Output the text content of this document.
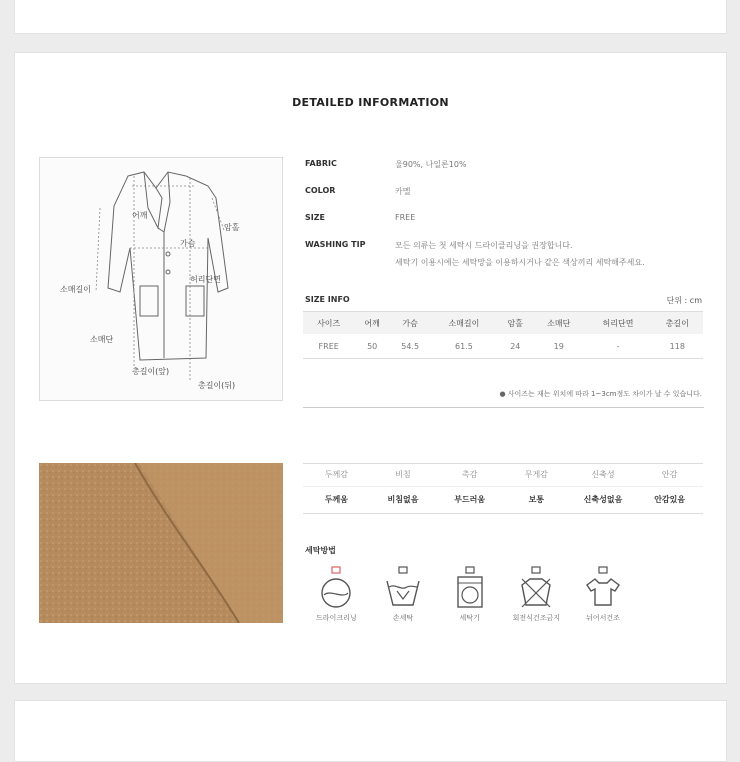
DETAILED INFORMATION
어깨
가슴
암홀
허리단면
소매길이
소매단
총길이(앞)
총길이(뒤)
FABRIC	울90%, 나일론10%
COLOR	카멜
SIZE	FREE
WASHING TIP	모든 의류는 첫 세탁시 드라이클리닝을 권장합니다.
세탁기 이용시에는 세탁망을 이용하시거나 같은 색상끼리 세탁해주세요.
SIZE INFO	단위 : cm
사이즈	어깨	가슴	소매길이	암홀	소매단	허리단면	총길이
FREE	50	54.5	61.5	24	19	-	118
● 사이즈는 재는 위치에 따라 1~3cm정도 차이가 날 수 있습니다.
두께감	비침	촉감	무게감	신축성	안감
두께움	비침없음	부드러움	보통	신축성없음	안감있음
세탁방법
드라이크리닝	손세탁	세탁기	회전식건조금지	뉘어서건조
